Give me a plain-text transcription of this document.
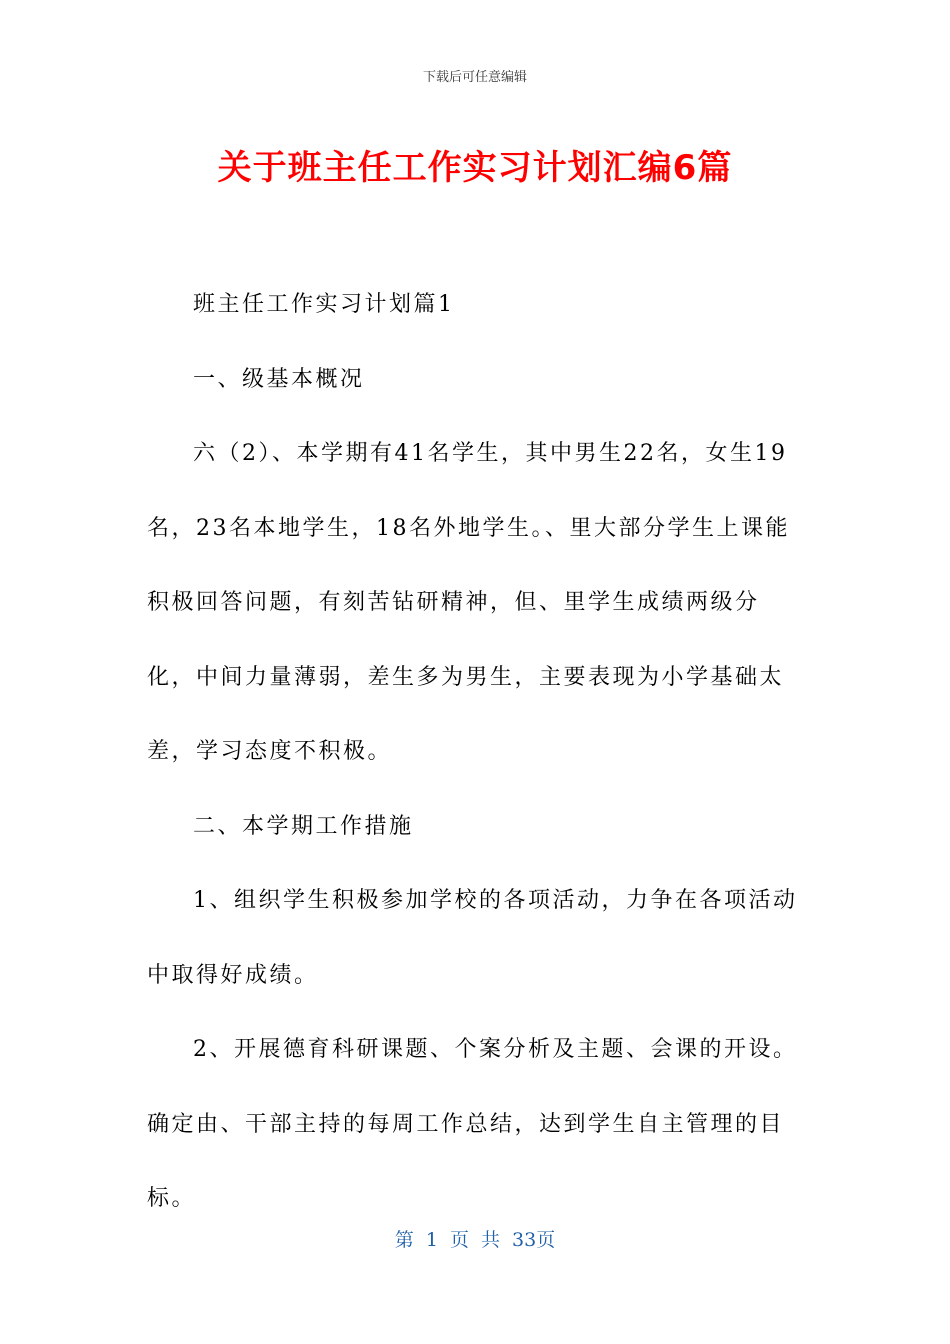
下载后可任意编辑
关于班主任工作实习计划汇编6篇

班主任工作实习计划篇1

一、级基本概况

六（2）、本学期有41名学生，其中男生22名，女生19名，23名本地学生，18名外地学生。、里大部分学生上课能积极回答问题，有刻苦钻研精神，但、里学生成绩两级分化，中间力量薄弱，差生多为男生，主要表现为小学基础太差，学习态度不积极。

二、本学期工作措施

1、组织学生积极参加学校的各项活动，力争在各项活动中取得好成绩。

2、开展德育科研课题、个案分析及主题、会课的开设。确定由、干部主持的每周工作总结，达到学生自主管理的目标。

第 1 页 共 33页
